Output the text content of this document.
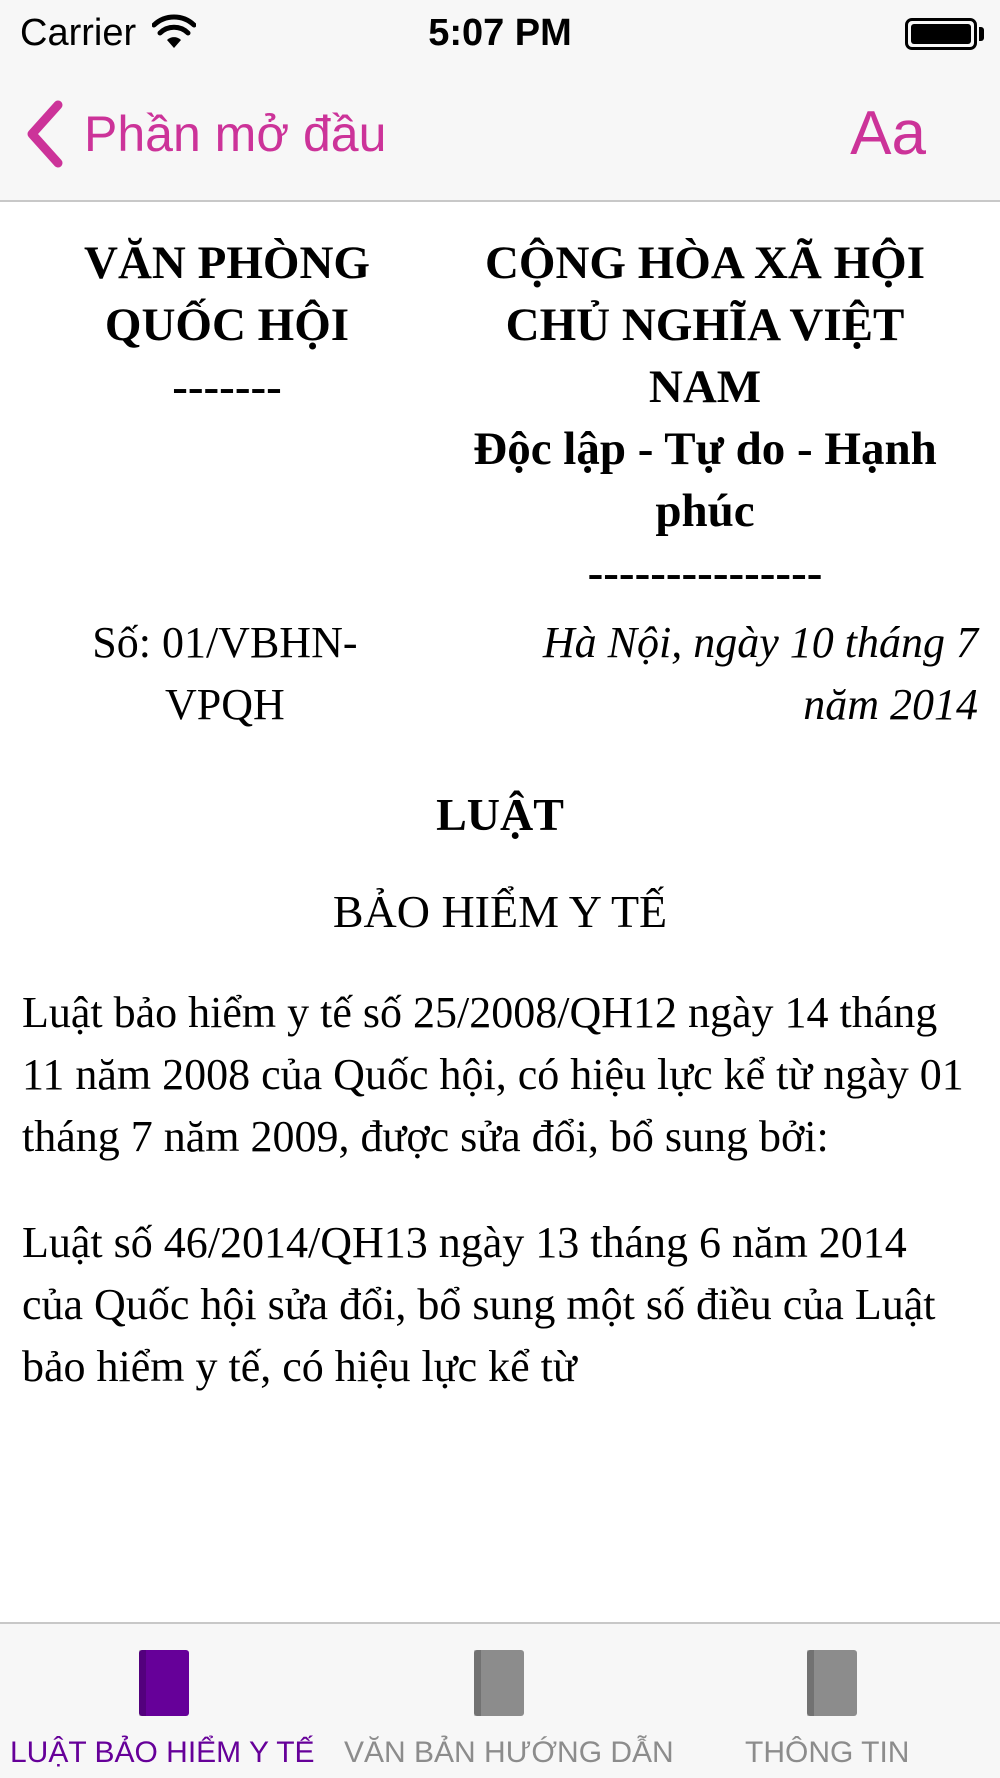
Carrier	5:07 PM
Phần mở đầu	Aa
VĂN PHÒNG
QUỐC HỘI
-------
CỘNG HÒA XÃ HỘI
CHỦ NGHĨA VIỆT
NAM
Độc lập - Tự do - Hạnh
phúc
---------------
Số: 01/VBHN-
VPQH
Hà Nội, ngày 10 tháng 7
năm 2014
LUẬT
BẢO HIỂM Y TẾ

Luật bảo hiểm y tế số 25/2008/QH12 ngày 14 tháng 11 năm 2008 của Quốc hội, có hiệu lực kể từ ngày 01 tháng 7 năm 2009, được sửa đổi, bổ sung bởi:

Luật số 46/2014/QH13 ngày 13 tháng 6 năm 2014 của Quốc hội sửa đổi, bổ sung một số điều của Luật bảo hiểm y tế, có hiệu lực kể từ

LUẬT BẢO HIỂM Y TẾ VĂN BẢN HƯỚNG DẪN THÔNG TIN
